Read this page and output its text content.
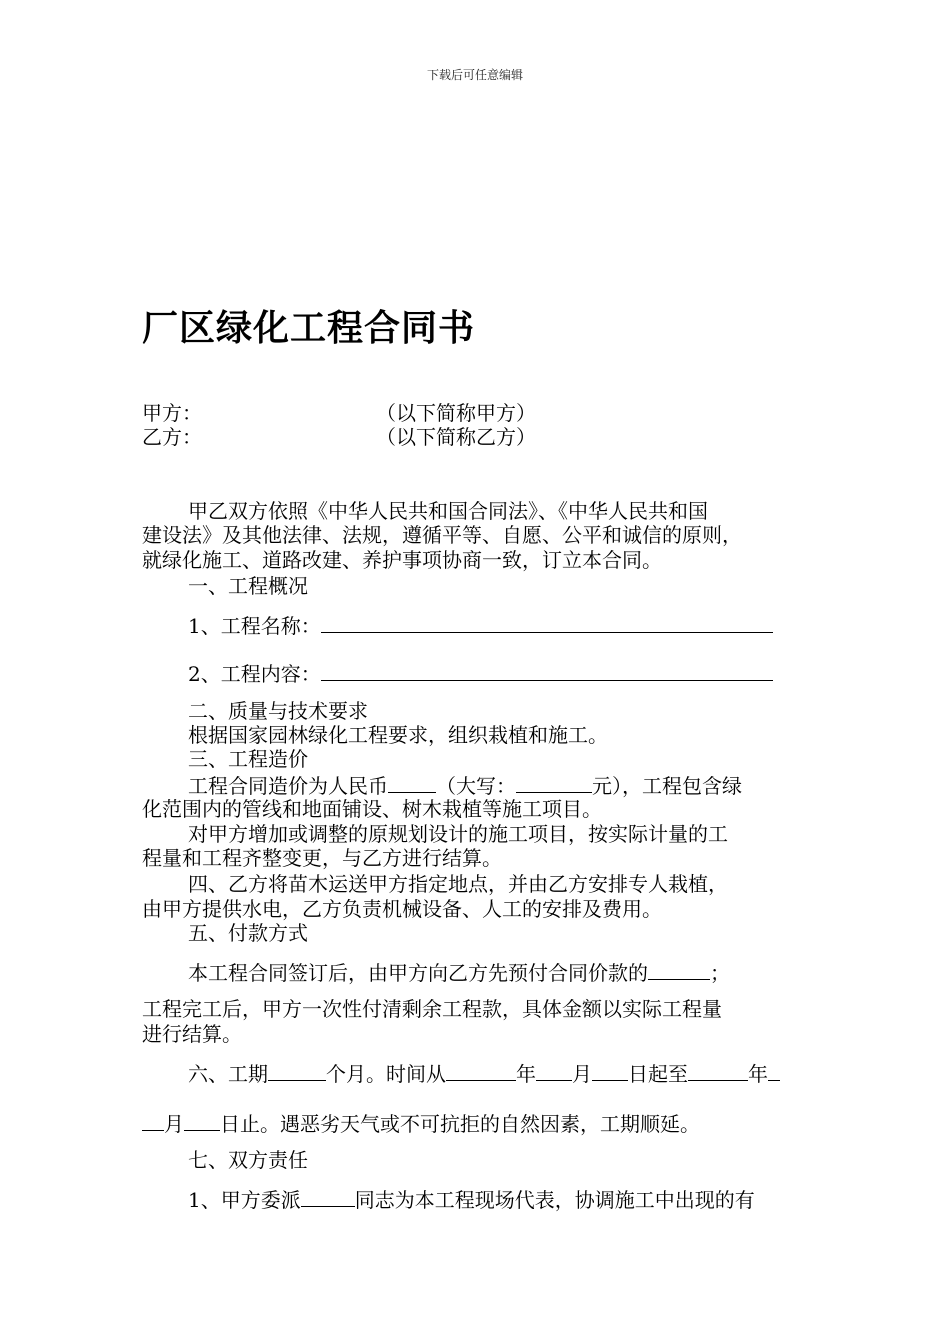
下载后可任意编辑
厂区绿化工程合同书
甲方：	（以下简称甲方）
乙方：	（以下简称乙方）
甲乙双方依照《中华人民共和国合同法》、《中华人民共和国
建设法》及其他法律、法规，遵循平等、自愿、公平和诚信的原则，
就绿化施工、道路改建、养护事项协商一致，订立本合同。
一、工程概况
1、工程名称：
2、工程内容：
二、质量与技术要求
根据国家园林绿化工程要求，组织栽植和施工。
三、工程造价
工程合同造价为人民币 （大写：	元），工程包含绿
化范围内的管线和地面铺设、树木栽植等施工项目。
对甲方增加或调整的原规划设计的施工项目，按实际计量的工
程量和工程齐整变更，与乙方进行结算。
四、乙方将苗木运送甲方指定地点，并由乙方安排专人栽植，
由甲方提供水电，乙方负责机械设备、人工的安排及费用。
五、付款方式
本工程合同签订后，由甲方向乙方先预付合同价款的	；
工程完工后，甲方一次性付清剩余工程款，具体金额以实际工程量
进行结算。
六、工期	个月。时间从	年 月 日起至	年
月 日止。遇恶劣天气或不可抗拒的自然因素，工期顺延。
七、双方责任
1、甲方委派	同志为本工程现场代表，协调施工中出现的有
